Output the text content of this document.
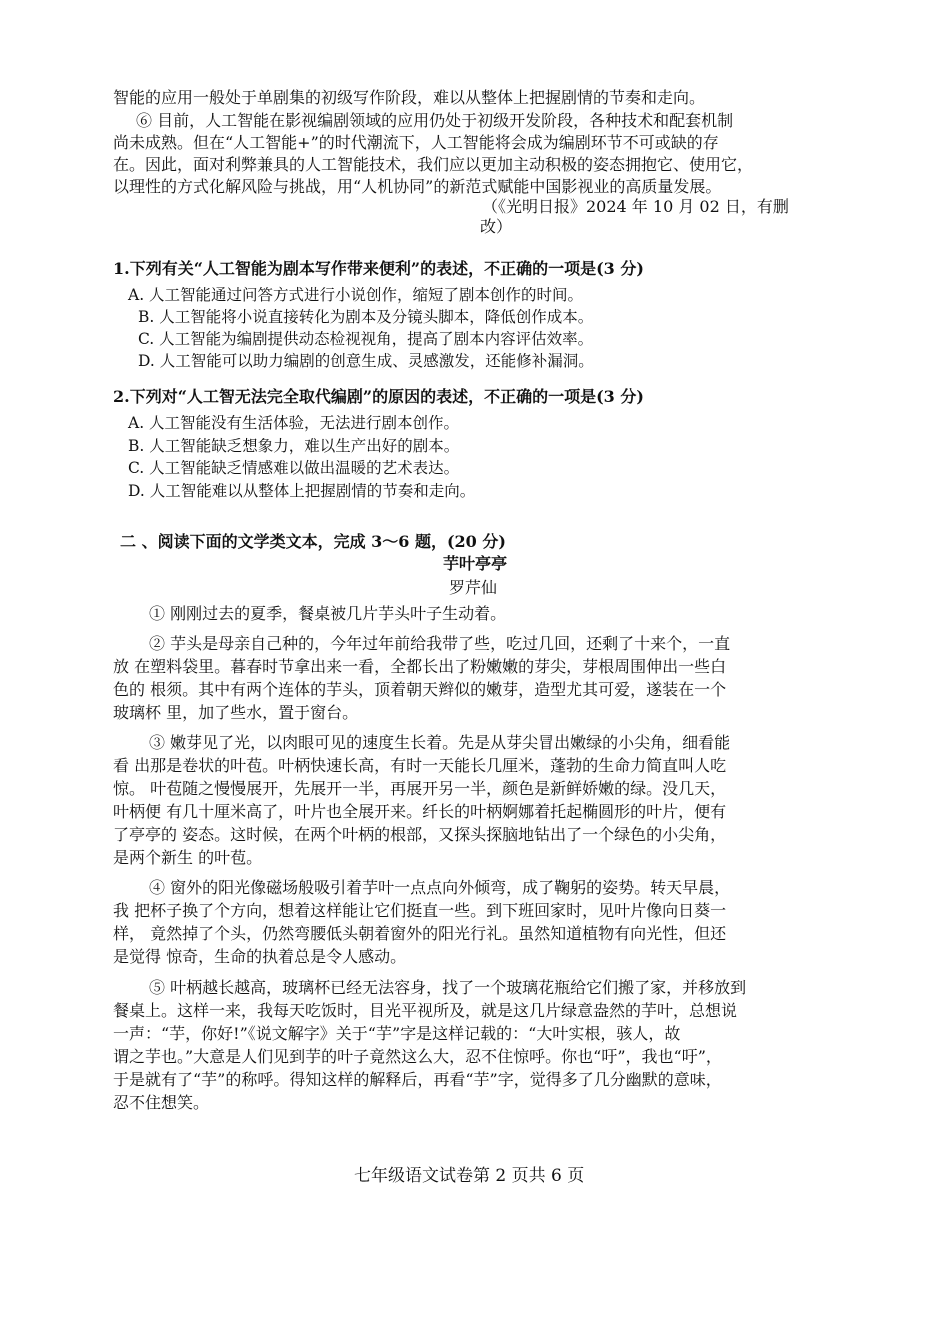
智能的应用一般处于单剧集的初级写作阶段，难以从整体上把握剧情的节奏和走向。
⑥ 目前，人工智能在影视编剧领域的应用仍处于初级开发阶段，各种技术和配套机制
尚未成熟。但在“人工智能+”的时代潮流下，人工智能将会成为编剧环节不可或缺的存
在。因此，面对利弊兼具的人工智能技术，我们应以更加主动积极的姿态拥抱它、使用它，
以理性的方式化解风险与挑战，用“人机协同”的新范式赋能中国影视业的高质量发展。
（《光明日报》2024 年 10 月 02 日，有删
改）
1.下列有关“人工智能为剧本写作带来便利”的表述，不正确的一项是(3 分)
A. 人工智能通过问答方式进行小说创作，缩短了剧本创作的时间。
B. 人工智能将小说直接转化为剧本及分镜头脚本，降低创作成本。
C. 人工智能为编剧提供动态检视视角，提高了剧本内容评估效率。
D. 人工智能可以助力编剧的创意生成、灵感激发，还能修补漏洞。
2.下列对“人工智无法完全取代编剧”的原因的表述，不正确的一项是(3 分)
A. 人工智能没有生活体验，无法进行剧本创作。
B. 人工智能缺乏想象力，难以生产出好的剧本。
C. 人工智能缺乏情感难以做出温暖的艺术表达。
D. 人工智能难以从整体上把握剧情的节奏和走向。
二 、阅读下面的文学类文本，完成 3～6 题，(20 分)
芋叶亭亭
罗芹仙
① 刚刚过去的夏季，餐桌被几片芋头叶子生动着。
② 芋头是母亲自己种的，今年过年前给我带了些，吃过几回，还剩了十来个，一直
放 在塑料袋里。暮春时节拿出来一看，全都长出了粉嫩嫩的芽尖，芽根周围伸出一些白
色的 根须。其中有两个连体的芋头，顶着朝天辫似的嫩芽，造型尤其可爱，遂装在一个
玻璃杯 里，加了些水，置于窗台。
③ 嫩芽见了光，以肉眼可见的速度生长着。先是从芽尖冒出嫩绿的小尖角，细看能
看 出那是卷状的叶苞。叶柄快速长高，有时一天能长几厘米，蓬勃的生命力简直叫人吃
惊。 叶苞随之慢慢展开，先展开一半，再展开另一半，颜色是新鲜娇嫩的绿。没几天，
叶柄便 有几十厘米高了，叶片也全展开来。纤长的叶柄婀娜着托起椭圆形的叶片，便有
了亭亭的 姿态。这时候，在两个叶柄的根部，又探头探脑地钻出了一个绿色的小尖角，
是两个新生 的叶苞。
④ 窗外的阳光像磁场般吸引着芋叶一点点向外倾弯，成了鞠躬的姿势。转天早晨，
我 把杯子换了个方向，想着这样能让它们挺直一些。到下班回家时，见叶片像向日葵一
样， 竟然掉了个头，仍然弯腰低头朝着窗外的阳光行礼。虽然知道植物有向光性，但还
是觉得 惊奇，生命的执着总是令人感动。
⑤ 叶柄越长越高，玻璃杯已经无法容身，找了一个玻璃花瓶给它们搬了家，并移放到
餐桌上。这样一来，我每天吃饭时，目光平视所及，就是这几片绿意盎然的芋叶，总想说
一声：“芋，你好!”《说文解字》关于“芋”字是这样记载的：“大叶实根，骇人，故
谓之芋也。”大意是人们见到芋的叶子竟然这么大，忍不住惊呼。你也“吁”，我也“吁”，
于是就有了“芋”的称呼。得知这样的解释后，再看“芋”字，觉得多了几分幽默的意味，
忍不住想笑。
七年级语文试卷第 2 页共 6 页
